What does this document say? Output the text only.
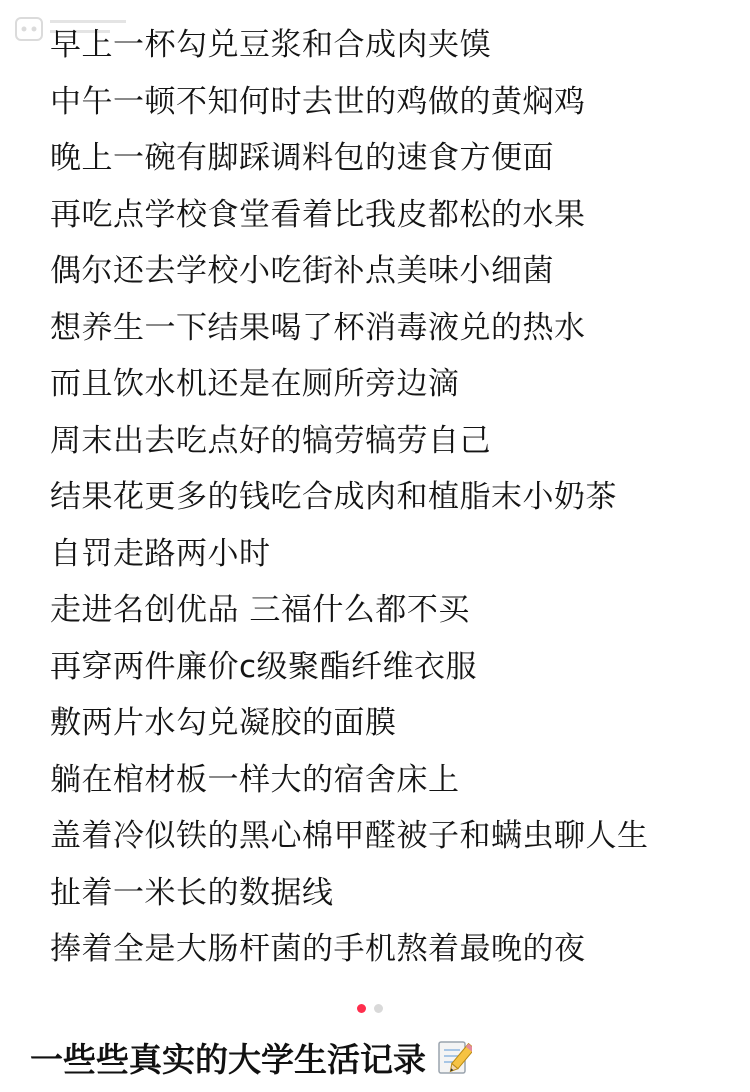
早上一杯勾兑豆浆和合成肉夹馍
中午一顿不知何时去世的鸡做的黄焖鸡
晚上一碗有脚踩调料包的速食方便面
再吃点学校食堂看着比我皮都松的水果
偶尔还去学校小吃街补点美味小细菌
想养生一下结果喝了杯消毒液兑的热水
而且饮水机还是在厕所旁边滴
周末出去吃点好的犒劳犒劳自己
结果花更多的钱吃合成肉和植脂末小奶茶
自罚走路两小时
走进名创优品 三福什么都不买
再穿两件廉价c级聚酯纤维衣服
敷两片水勾兑凝胶的面膜
躺在棺材板一样大的宿舍床上
盖着冷似铁的黑心棉甲醛被子和螨虫聊人生
扯着一米长的数据线
捧着全是大肠杆菌的手机熬着最晚的夜
一些些真实的大学生活记录
